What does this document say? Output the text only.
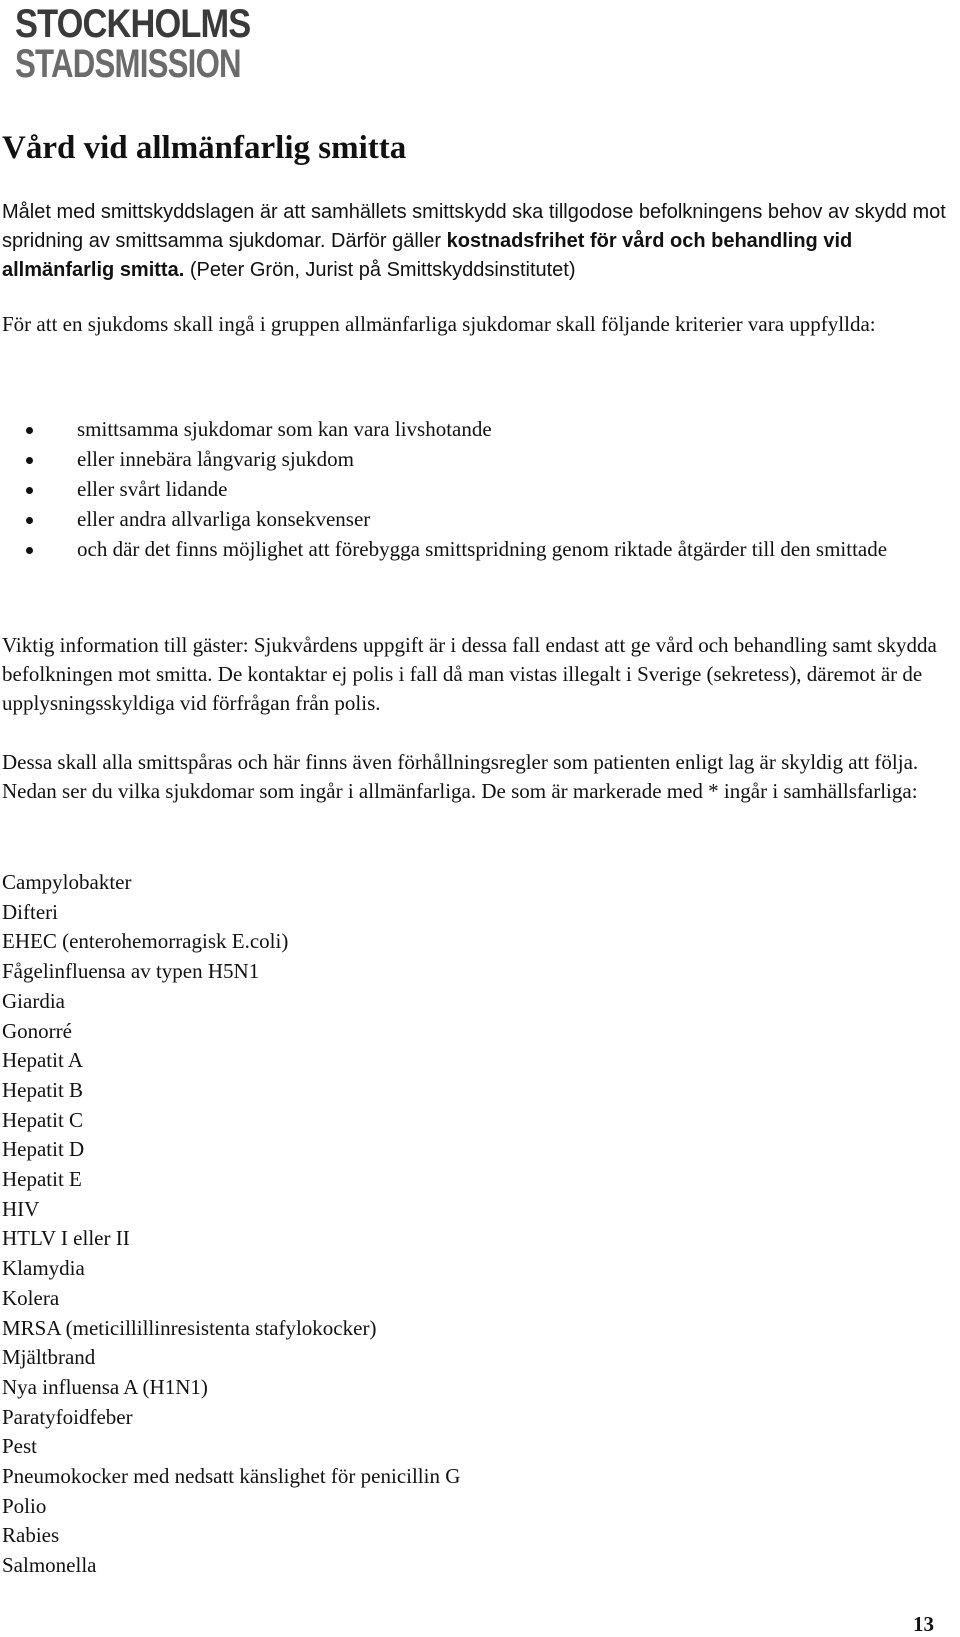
STOCKHOLMS
STADSMISSION
Vård vid allmänfarlig smitta

Målet med smittskyddslagen är att samhällets smittskydd ska tillgodose befolkningens behov av skydd mot spridning av smittsamma sjukdomar. Därför gäller kostnadsfrihet för vård och behandling vid allmänfarlig smitta. (Peter Grön, Jurist på Smittskyddsinstitutet)

För att en sjukdoms skall ingå i gruppen allmänfarliga sjukdomar skall följande kriterier vara uppfyllda:

smittsamma sjukdomar som kan vara livshotande
eller innebära långvarig sjukdom
eller svårt lidande
eller andra allvarliga konsekvenser
och där det finns möjlighet att förebygga smittspridning genom riktade åtgärder till den smittade

Viktig information till gäster: Sjukvårdens uppgift är i dessa fall endast att ge vård och behandling samt skydda befolkningen mot smitta. De kontaktar ej polis i fall då man vistas illegalt i Sverige (sekretess), däremot är de upplysningsskyldiga vid förfrågan från polis.

Dessa skall alla smittspåras och här finns även förhållningsregler som patienten enligt lag är skyldig att följa. Nedan ser du vilka sjukdomar som ingår i allmänfarliga. De som är markerade med * ingår i samhällsfarliga:

Campylobakter
Difteri
EHEC (enterohemorragisk E.coli)
Fågelinfluensa av typen H5N1
Giardia
Gonorré
Hepatit A
Hepatit B
Hepatit C
Hepatit D
Hepatit E
HIV
HTLV I eller II
Klamydia
Kolera
MRSA (meticillillinresistenta stafylokocker)
Mjältbrand
Nya influensa A (H1N1)
Paratyfoidfeber
Pest
Pneumokocker med nedsatt känslighet för penicillin G
Polio
Rabies
Salmonella
13
